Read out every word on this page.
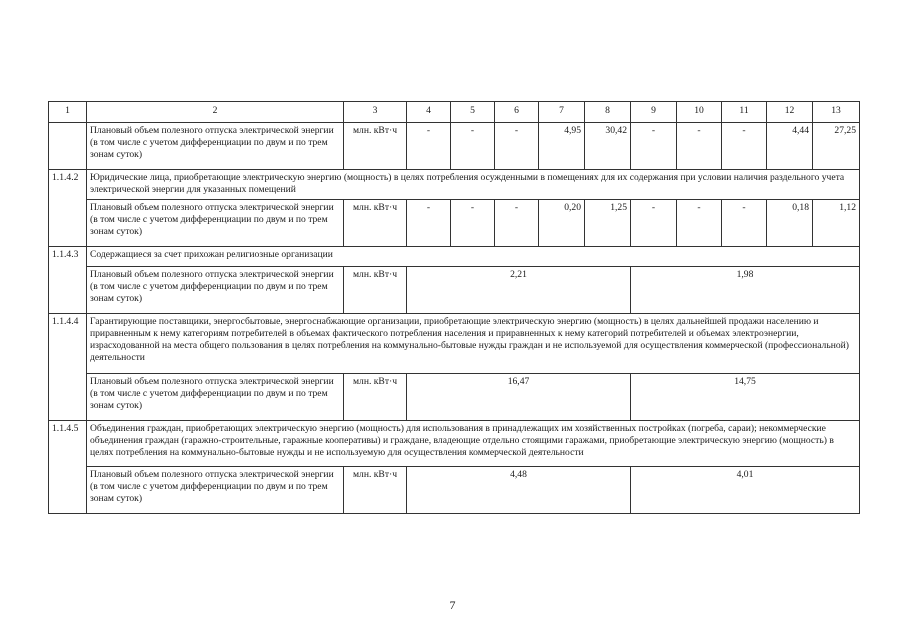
1	2	3	4	5	6	7	8	9	10	11	12	13
	Плановый объем полезного отпуска электрической энергии (в том числе с учетом дифференциации по двум и по трем зонам суток)	млн. кВт·ч	-	-	-	4,95	30,42	-	-	-	4,44	27,25
1.1.4.2	Юридические лица, приобретающие электрическую энергию (мощность) в целях потребления осужденными в помещениях для их содержания при условии наличия раздельного учета электрической энергии для указанных помещений											
	Плановый объем полезного отпуска электрической энергии (в том числе с учетом дифференциации по двум и по трем зонам суток)	млн. кВт·ч	-	-	-	0,20	1,25	-	-	-	0,18	1,12
1.1.4.3	Содержащиеся за счет прихожан религиозные организации											
	Плановый объем полезного отпуска электрической энергии (в том числе с учетом дифференциации по двум и по трем зонам суток)	млн. кВт·ч	2,21					1,98				
1.1.4.4	Гарантирующие поставщики, энергосбытовые, энергоснабжающие организации, приобретающие электрическую энергию (мощность) в целях дальнейшей продажи населению и приравненным к нему категориям потребителей в объемах фактического потребления населения и приравненных к нему категорий потребителей и объемах электроэнергии, израсходованной на места общего пользования в целях потребления на коммунально-бытовые нужды граждан и не используемой для осуществления коммерческой (профессиональной) деятельности											
	Плановый объем полезного отпуска электрической энергии (в том числе с учетом дифференциации по двум и по трем зонам суток)	млн. кВт·ч	16,47					14,75				
1.1.4.5	Объединения граждан, приобретающих электрическую энергию (мощность) для использования в принадлежащих им хозяйственных постройках (погреба, сараи); некоммерческие объединения граждан (гаражно-строительные, гаражные кооперативы) и граждане, владеющие отдельно стоящими гаражами, приобретающие электрическую энергию (мощность) в целях потребления на коммунально-бытовые нужды и не используемую для осуществления коммерческой деятельности											
	Плановый объем полезного отпуска электрической энергии (в том числе с учетом дифференциации по двум и по трем зонам суток)	млн. кВт·ч	4,48					4,01				
7
